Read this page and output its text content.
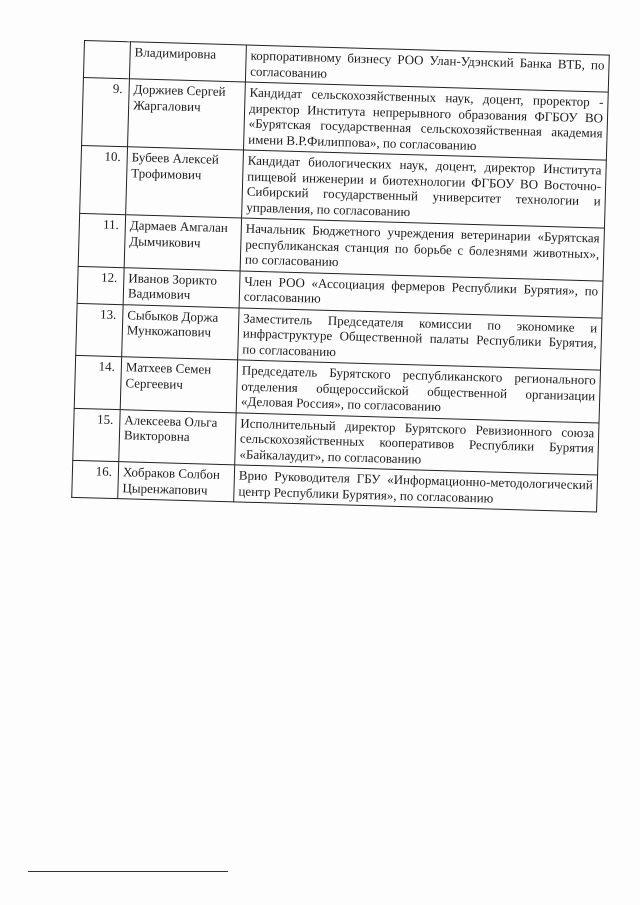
	Владимировна	корпоративному бизнесу РОО Улан-Удэнский Банка ВТБ, по согласованию
9.	Доржиев Сергей Жаргалович	Кандидат сельскохозяйственных наук, доцент, проректор - директор Института непрерывного образования ФГБОУ ВО «Бурятская государственная сельскохозяйственная академия имени В.Р.Филиппова», по согласованию
10.	Бубеев Алексей Трофимович	Кандидат биологических наук, доцент, директор Института пищевой инженерии и биотехнологии ФГБОУ ВО Восточно-Сибирский государственный университет технологии и управления, по согласованию
11.	Дармаев Амгалан Дымчикович	Начальник Бюджетного учреждения ветеринарии «Бурятская республиканская станция по борьбе с болезнями животных», по согласованию
12.	Иванов Зорикто Вадимович	Член РОО «Ассоциация фермеров Республики Бурятия», по согласованию
13.	Сыбыков Доржа Мункожапович	Заместитель Председателя комиссии по экономике и инфраструктуре Общественной палаты Республики Бурятия, по согласованию
14.	Матхеев Семен Сергеевич	Председатель Бурятского республиканского регионального отделения общероссийской общественной организации «Деловая Россия», по согласованию
15.	Алексеева Ольга Викторовна	Исполнительный директор Бурятского Ревизионного союза сельскохозяйственных кооперативов Республики Бурятия «Байкалаудит», по согласованию
16.	Хобраков Солбон Цыренжапович	Врио Руководителя ГБУ «Информационно-методологический центр Республики Бурятия», по согласованию
